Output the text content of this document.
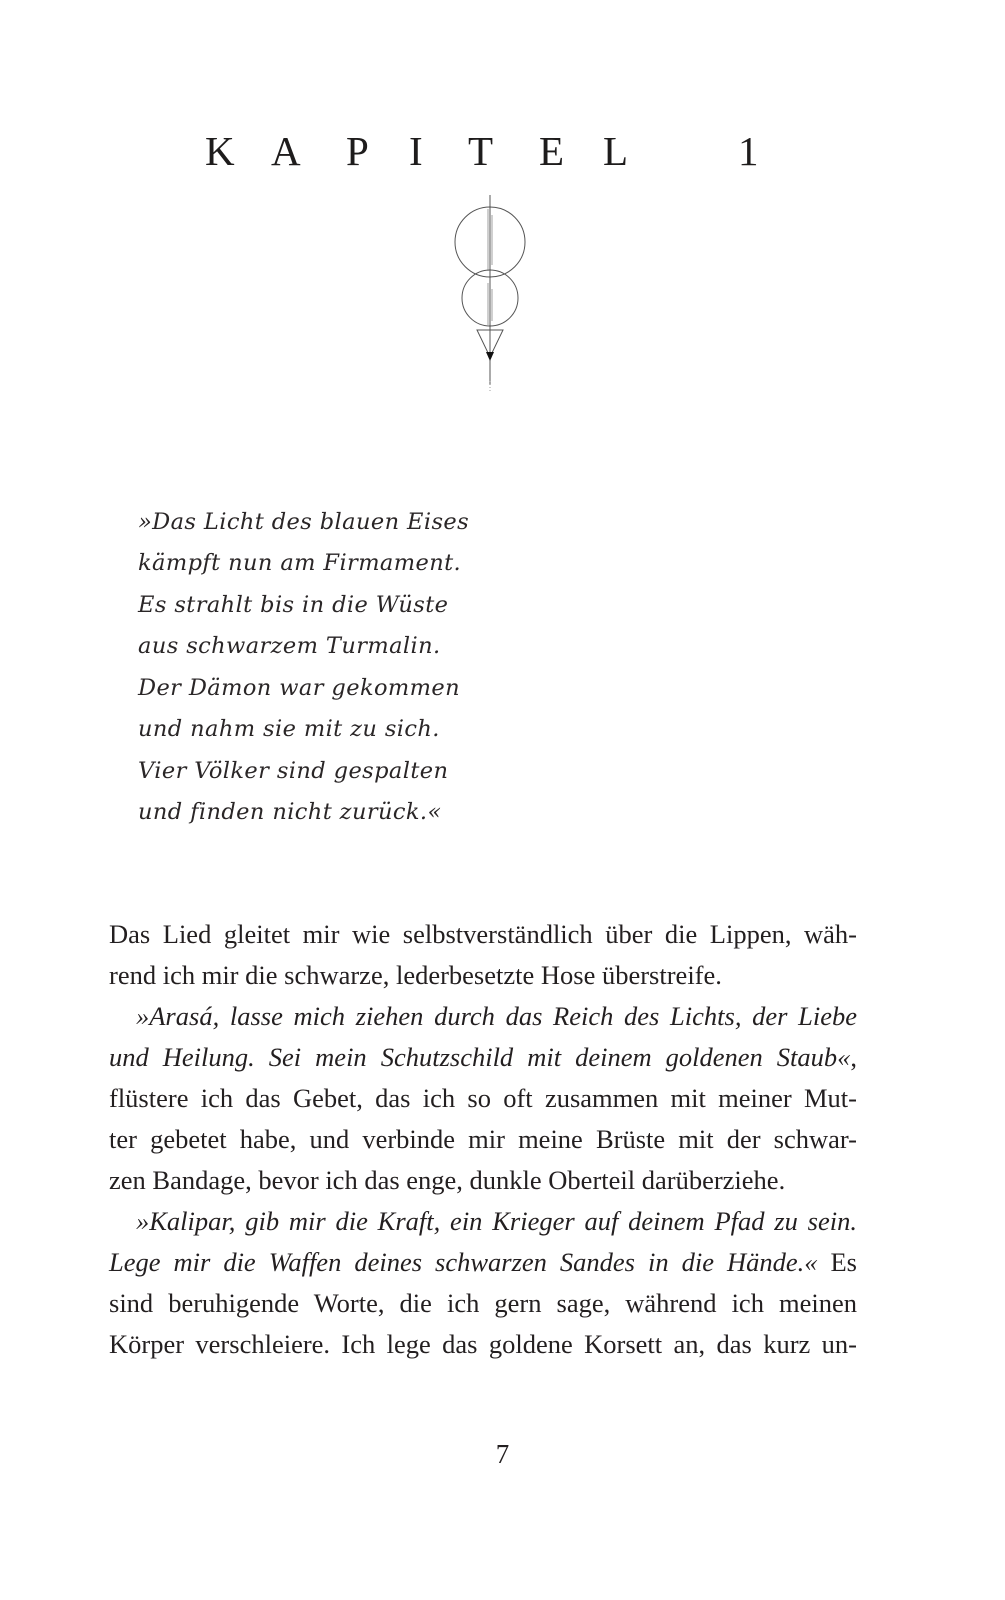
K A P I T E L	1
»Das Licht des blauen Eises
kämpft nun am Firmament.
Es strahlt bis in die Wüste
aus schwarzem Turmalin.
Der Dämon war gekommen
und nahm sie mit zu sich.
Vier Völker sind gespalten
und finden nicht zurück.«
Das Lied gleitet mir wie selbstverständlich über die Lippen, wäh-
rend ich mir die schwarze, lederbesetzte Hose überstreife.
»Arasá, lasse mich ziehen durch das Reich des Lichts, der Liebe
und Heilung. Sei mein Schutzschild mit deinem goldenen Staub«,
flüstere ich das Gebet, das ich so oft zusammen mit meiner Mut-
ter gebetet habe, und verbinde mir meine Brüste mit der schwar-
zen Bandage, bevor ich das enge, dunkle Oberteil darüberziehe.
»Kalipar, gib mir die Kraft, ein Krieger auf deinem Pfad zu sein.
Lege mir die Waffen deines schwarzen Sandes in die Hände.« Es
sind beruhigende Worte, die ich gern sage, während ich meinen
Körper verschleiere. Ich lege das goldene Korsett an, das kurz un-
7
